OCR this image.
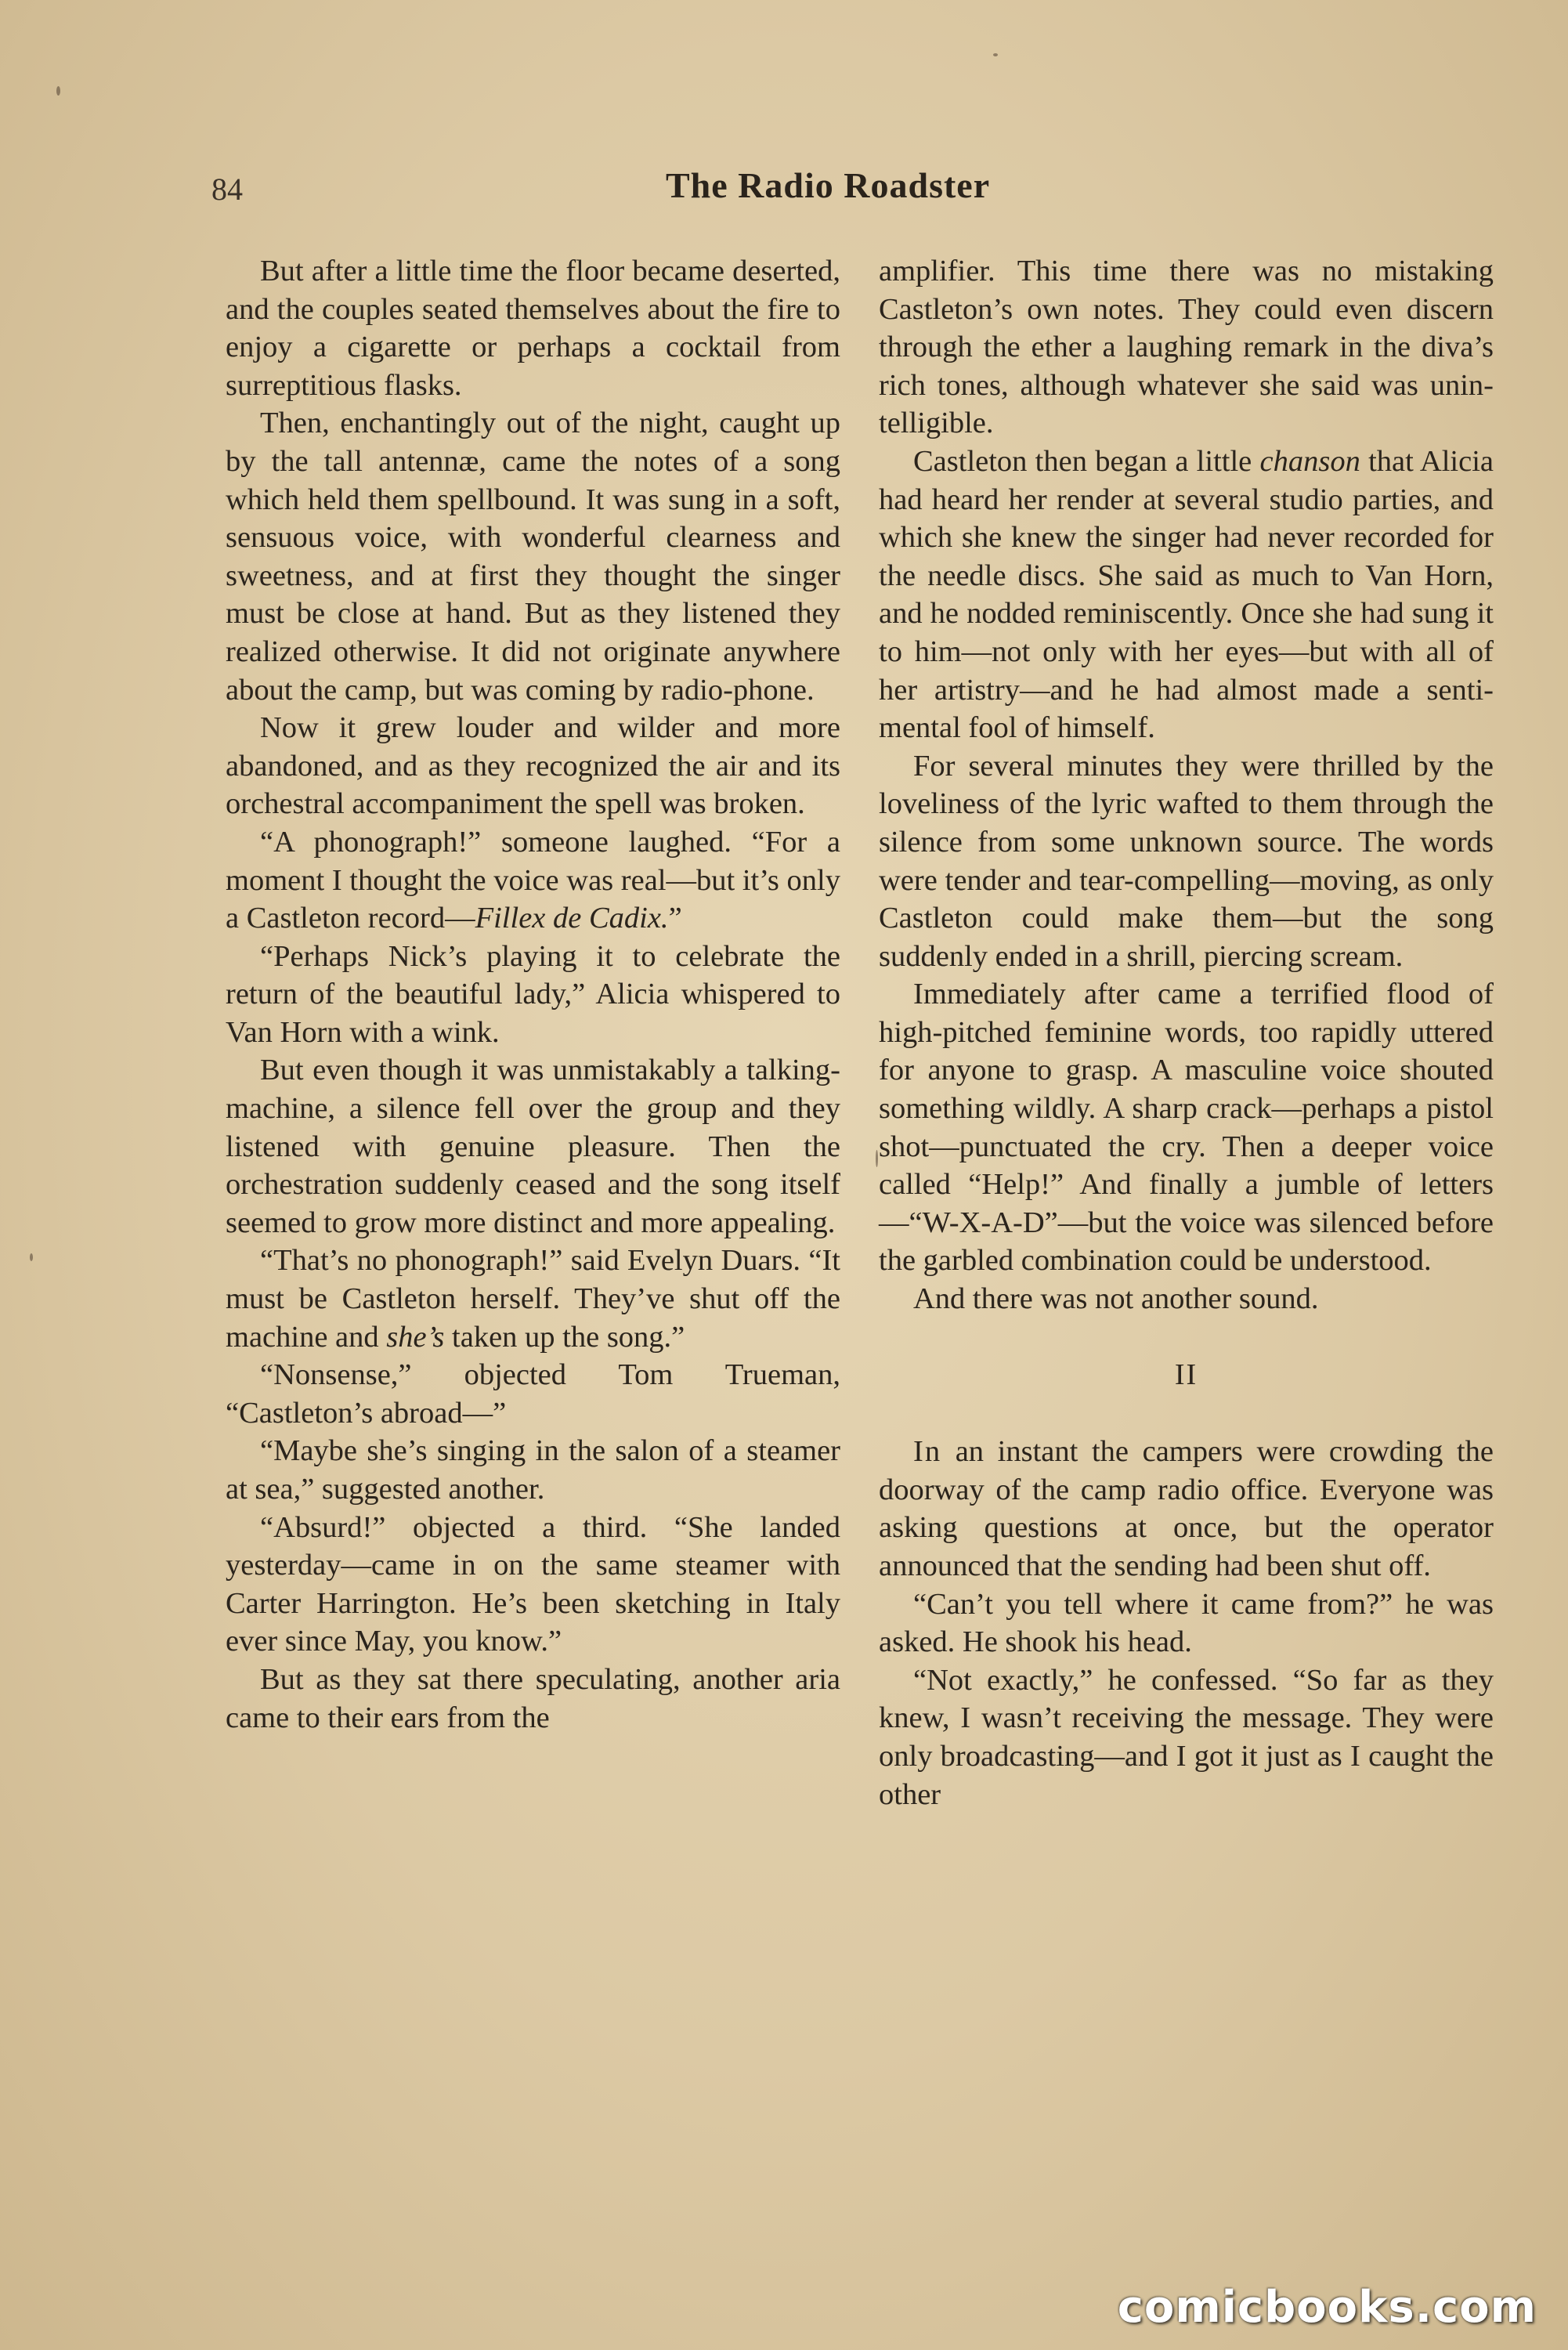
84	The Radio Roadster

But after a little time the floor became deserted, and the couples seated themselves about the fire to enjoy a cigarette or perhaps a cocktail from surreptitious flasks.

Then, enchantingly out of the night, caught up by the tall antennæ, came the notes of a song which held them spellbound. It was sung in a soft, sensuous voice, with wonderful clearness and sweetness, and at first they thought the singer must be close at hand. But as they listened they realized otherwise. It did not originate anywhere about the camp, but was coming by radio-phone.

Now it grew louder and wilder and more abandoned, and as they recognized the air and its orchestral accompaniment the spell was broken.

“A phonograph!” someone laughed. “For a moment I thought the voice was real—but it’s only a Castleton record—Fillex de Cadix.”

“Perhaps Nick’s playing it to celebrate the return of the beautiful lady,” Alicia whispered to Van Horn with a wink.

But even though it was unmistakably a talking-machine, a silence fell over the group and they listened with genuine pleasure. Then the orchestration suddenly ceased and the song itself seemed to grow more distinct and more appealing.

“That’s no phonograph!” said Evelyn Duars. “It must be Castleton herself. They’ve shut off the machine and she’s taken up the song.”

“Nonsense,” objected Tom Trueman, “Castleton’s abroad—”

“Maybe she’s singing in the salon of a steamer at sea,” suggested another.

“Absurd!” objected a third. “She landed yesterday—came in on the same steamer with Carter Harrington. He’s been sketching in Italy ever since May, you know.”

But as they sat there speculating, another aria came to their ears from the

amplifier. This time there was no mistaking Castleton’s own notes. They could even discern through the ether a laughing remark in the diva’s rich tones, although whatever she said was unintelligible.

Castleton then began a little chanson that Alicia had heard her render at several studio parties, and which she knew the singer had never recorded for the needle discs. She said as much to Van Horn, and he nodded reminiscently. Once she had sung it to him—not only with her eyes—but with all of her artistry—and he had almost made a sentimental fool of himself.

For several minutes they were thrilled by the loveliness of the lyric wafted to them through the silence from some unknown source. The words were tender and tear-compelling—moving, as only Castleton could make them—but the song suddenly ended in a shrill, piercing scream.

Immediately after came a terrified flood of high-pitched feminine words, too rapidly uttered for anyone to grasp. A masculine voice shouted something wildly. A sharp crack—perhaps a pistol shot—punctuated the cry. Then a deeper voice called “Help!” And finally a jumble of letters—“W-X-A-D”—but the voice was silenced before the garbled combination could be understood.

And there was not another sound.

II

In an instant the campers were crowding the doorway of the camp radio office. Everyone was asking questions at once, but the operator announced that the sending had been shut off.

“Can’t you tell where it came from?” he was asked. He shook his head.

“Not exactly,” he confessed. “So far as they knew, I wasn’t receiving the message. They were only broadcasting—and I got it just as I caught the other

comicbooks.com
